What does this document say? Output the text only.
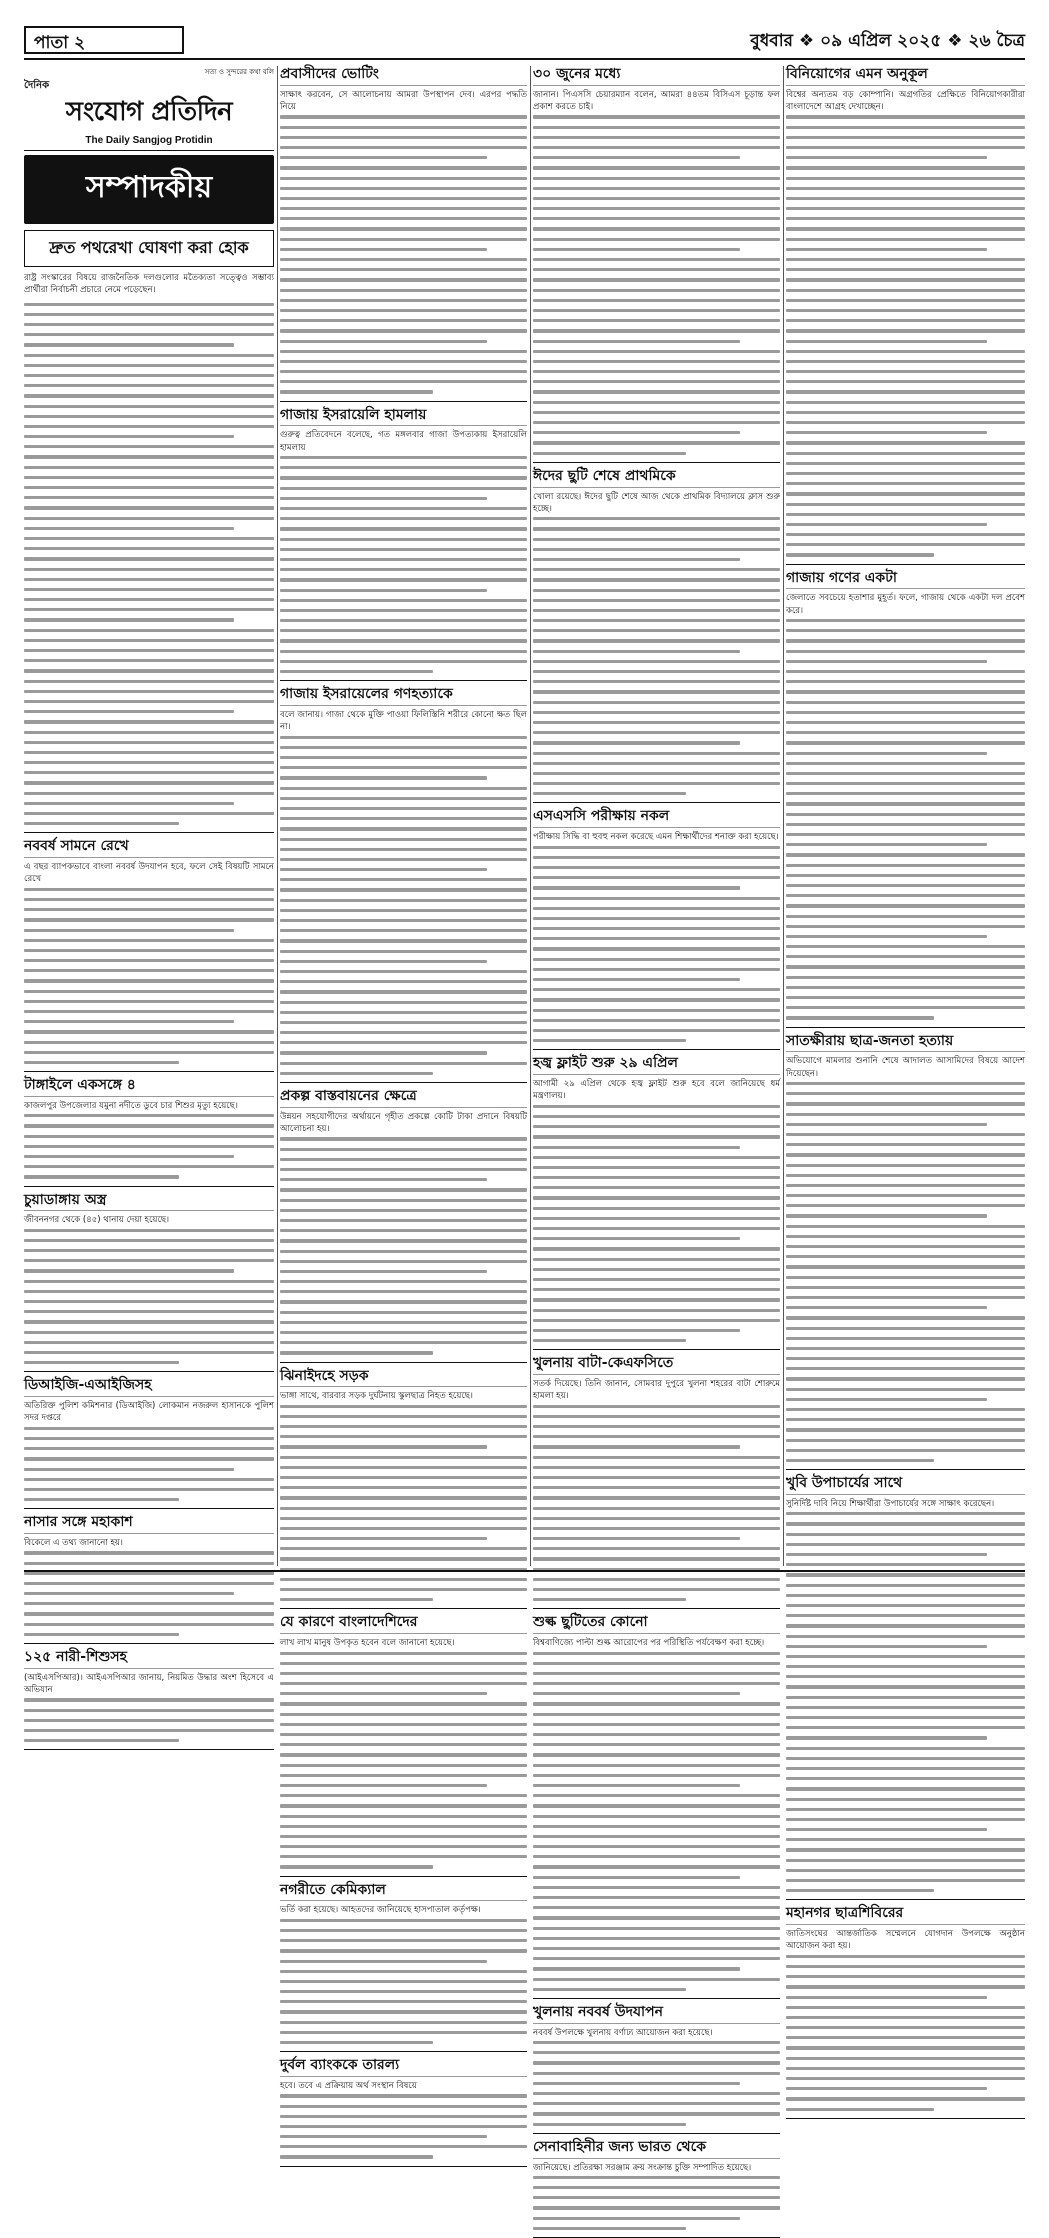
পাতা ২	বুধবার ❖ ০৯ এপ্রিল ২০২৫ ❖ ২৬ চৈত্র
সত্য ও সুন্দরের কথা বলি
দৈনিক
সংযোগ প্রতিদিন
The Daily Sangjog Protidin
সম্পাদকীয়
দ্রুত পথরেখা ঘোষণা করা হোক

রাষ্ট্র সংস্কারের বিষয়ে রাজনৈতিক দলগুলোর মতৈক্যতা সত্ত্বেও সম্ভাব্য প্রার্থীরা নির্বাচনী প্রচারে নেমে পড়েছেন।

নববর্ষ সামনে রেখে

এ বছর ব্যাপকভাবে বাংলা নববর্ষ উদযাপন হবে, ফলে সেই বিষয়টি সামনে রেখে

টাঙ্গাইলে একসঙ্গে ৪

কাজলপুর উপজেলার যমুনা নদীতে ডুবে চার শিশুর মৃত্যু হয়েছে।

চুয়াডাঙ্গায় অস্ত্র

জীবননগর থেকে (৪৫) থানায় দেয়া হয়েছে।

ডিআইজি-এআইজিসহ

অতিরিক্ত পুলিশ কমিশনার (ডিআইজি) লোকমান নজরুল হাসানকে পুলিশ সদর দপ্তরে

নাসার সঙ্গে মহাকাশ

বিকেলে এ তথ্য জানানো হয়।

১২৫ নারী-শিশুসহ

(আইএসপিআর)। আইএসপিআর জানায়, নিয়মিত উদ্ধার অংশ হিসেবে এ অভিযান

প্রবাসীদের ভোটিং

সাক্ষাৎ করবেন, সে আলোচনায় আমরা উপস্থাপন দেব। এরপর পদ্ধতি নিয়ে

গাজায় ইসরায়েলি হামলায়

গুরুত্ব প্রতিবেদনে বলেছে, গত মঙ্গলবার গাজা উপত্যকায় ইসরায়েলি হামলায়

গাজায় ইসরায়েলের গণহত্যাকে

বলে জানায়। গাজা থেকে মুক্তি পাওয়া ফিলিস্তিনি শরীরে কোনো ক্ষত ছিল না।

প্রকল্প বাস্তবায়নের ক্ষেত্রে

উন্নয়ন সহযোগীদের অর্থায়নে গৃহীত প্রকল্পে কোটি টাকা প্রদানে বিষয়টি আলোচনা হয়।

ঝিনাইদহে সড়ক

ভাঙ্গা সাথে, বারবার সড়ক দুর্ঘটনায় স্কুলছাত্র নিহত হয়েছে।

যে কারণে বাংলাদেশিদের

লাখ লাখ মানুষ উপকৃত হবেন বলে জানানো হয়েছে।

নগরীতে কেমিক্যাল

ভর্তি করা হয়েছে। আহতদের জানিয়েছে হাসপাতাল কর্তৃপক্ষ।

দুর্বল ব্যাংককে তারল্য

হবে। তবে এ প্রক্রিয়ায় অর্থ সংস্থান বিষয়ে

৩০ জুনের মধ্যে

জানান। পিএসসি চেয়ারম্যান বলেন, আমরা ৪৪তম বিসিএস চূড়ান্ত ফল প্রকাশ করতে চাই।

ঈদের ছুটি শেষে প্রাথমিকে

খোলা রয়েছে। ঈদের ছুটি শেষে আজ থেকে প্রাথমিক বিদ্যালয়ে ক্লাস শুরু হচ্ছে।

এসএসসি পরীক্ষায় নকল

পরীক্ষায় সিদ্ধি বা হুবহু নকল করেছে এমন শিক্ষার্থীদের শনাক্ত করা হয়েছে।

হজ্ব ফ্লাইট শুরু ২৯ এপ্রিল

আগামী ২৯ এপ্রিল থেকে হজ্ব ফ্লাইট শুরু হবে বলে জানিয়েছে ধর্ম মন্ত্রণালয়।

খুলনায় বাটা-কেএফসিতে

সতর্ক দিয়েছে। তিনি জানান, সোমবার দুপুরে খুলনা শহরের বাটা শোরুমে হামলা হয়।

শুল্ক ছুটিতের কোনো

বিশ্ববাণিজ্যে পাল্টা শুল্ক আরোপের পর পরিস্থিতি পর্যবেক্ষণ করা হচ্ছে।

খুলনায় নববর্ষ উদযাপন

নববর্ষ উপলক্ষে খুলনায় বর্ণাঢ্য আয়োজন করা হয়েছে।

সেনাবাহিনীর জন্য ভারত থেকে

জানিয়েছে। প্রতিরক্ষা সরঞ্জাম ক্রয় সংক্রান্ত চুক্তি সম্পাদিত হয়েছে।

বিনিয়োগের এমন অনুকূল

বিশ্বের অন্যতম বড় কোম্পানি। অগ্রগতির প্রেক্ষিতে বিনিয়োগকারীরা বাংলাদেশে আগ্রহ দেখাচ্ছেন।

গাজায় গণের একটা

জেলাতে সবচেয়ে হতাশার মুহূর্ত। ফলে, গাজায় থেকে একটা দল প্রবেশ করে।

সাতক্ষীরায় ছাত্র-জনতা হত্যায়

অভিযোগে মামলার শুনানি শেষে আদালত আসামিদের বিষয়ে আদেশ দিয়েছেন।

খুবি উপাচার্যের সাথে

সুনির্দিষ্ট দাবি নিয়ে শিক্ষার্থীরা উপাচার্যের সঙ্গে সাক্ষাৎ করেছেন।

মহানগর ছাত্রশিবিরের

জাতিসংঘের আন্তর্জাতিক সম্মেলনে যোগদান উপলক্ষে অনুষ্ঠান আয়োজন করা হয়।
